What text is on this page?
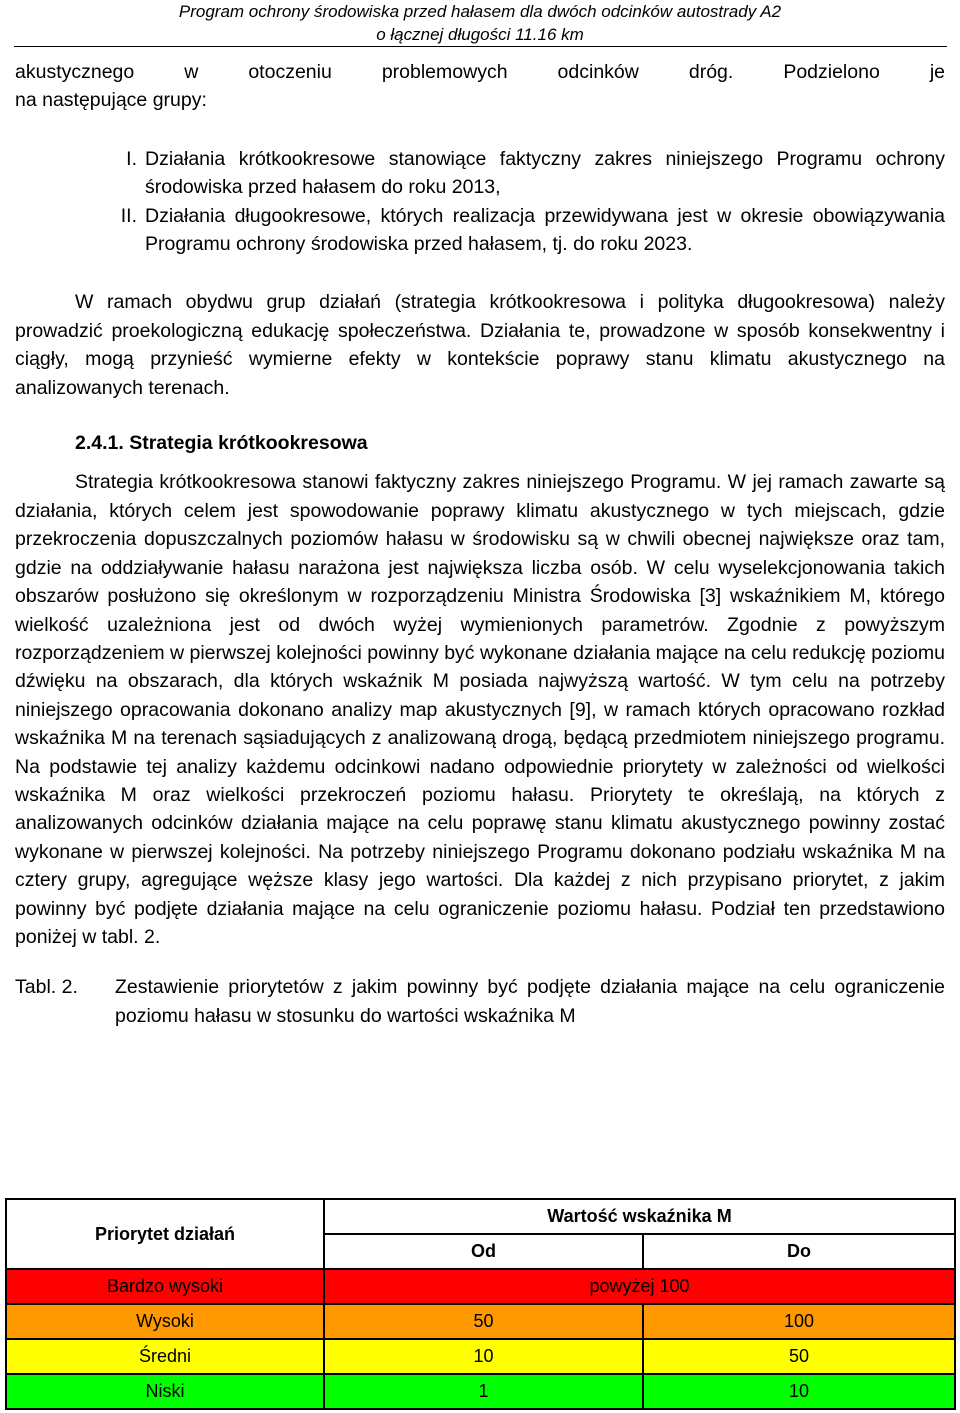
Program ochrony środowiska przed hałasem dla dwóch odcinków autostrady A2
o łącznej długości 11.16 km

akustycznego w otoczeniu problemowych odcinków dróg. Podzielono je

na następujące grupy:

I. Działania krótkookresowe stanowiące faktyczny zakres niniejszego Programu ochrony środowiska przed hałasem do roku 2013,
II. Działania długookresowe, których realizacja przewidywana jest w okresie obowiązywania Programu ochrony środowiska przed hałasem, tj. do roku 2023.

W ramach obydwu grup działań (strategia krótkookresowa i polityka długookresowa) należy prowadzić proekologiczną edukację społeczeństwa. Działania te, prowadzone w sposób konsekwentny i ciągły, mogą przynieść wymierne efekty w kontekście poprawy stanu klimatu akustycznego na analizowanych terenach.

2.4.1. Strategia krótkookresowa

Strategia krótkookresowa stanowi faktyczny zakres niniejszego Programu. W jej ramach zawarte są działania, których celem jest spowodowanie poprawy klimatu akustycznego w tych miejscach, gdzie przekroczenia dopuszczalnych poziomów hałasu w środowisku są w chwili obecnej największe oraz tam, gdzie na oddziaływanie hałasu narażona jest największa liczba osób. W celu wyselekcjonowania takich obszarów posłużono się określonym w rozporządzeniu Ministra Środowiska [3] wskaźnikiem M, którego wielkość uzależniona jest od dwóch wyżej wymienionych parametrów. Zgodnie z powyższym rozporządzeniem w pierwszej kolejności powinny być wykonane działania mające na celu redukcję poziomu dźwięku na obszarach, dla których wskaźnik M posiada najwyższą wartość. W tym celu na potrzeby niniejszego opracowania dokonano analizy map akustycznych [9], w ramach których opracowano rozkład wskaźnika M na terenach sąsiadujących z analizowaną drogą, będącą przedmiotem niniejszego programu. Na podstawie tej analizy każdemu odcinkowi nadano odpowiednie priorytety w zależności od wielkości wskaźnika M oraz wielkości przekroczeń poziomu hałasu. Priorytety te określają, na których z analizowanych odcinków działania mające na celu poprawę stanu klimatu akustycznego powinny zostać wykonane w pierwszej kolejności. Na potrzeby niniejszego Programu dokonano podziału wskaźnika M na cztery grupy, agregujące węższe klasy jego wartości. Dla każdej z nich przypisano priorytet, z jakim powinny być podjęte działania mające na celu ograniczenie poziomu hałasu. Podział ten przedstawiono poniżej w tabl. 2.

Tabl. 2.	Zestawienie priorytetów z jakim powinny być podjęte działania mające na celu ograniczenie poziomu hałasu w stosunku do wartości wskaźnika M
Priorytet działań	Wartość wskaźnika M	
	Od	Do
Bardzo wysoki	powyżej 100	
Wysoki	50	100
Średni	10	50
Niski	1	10
